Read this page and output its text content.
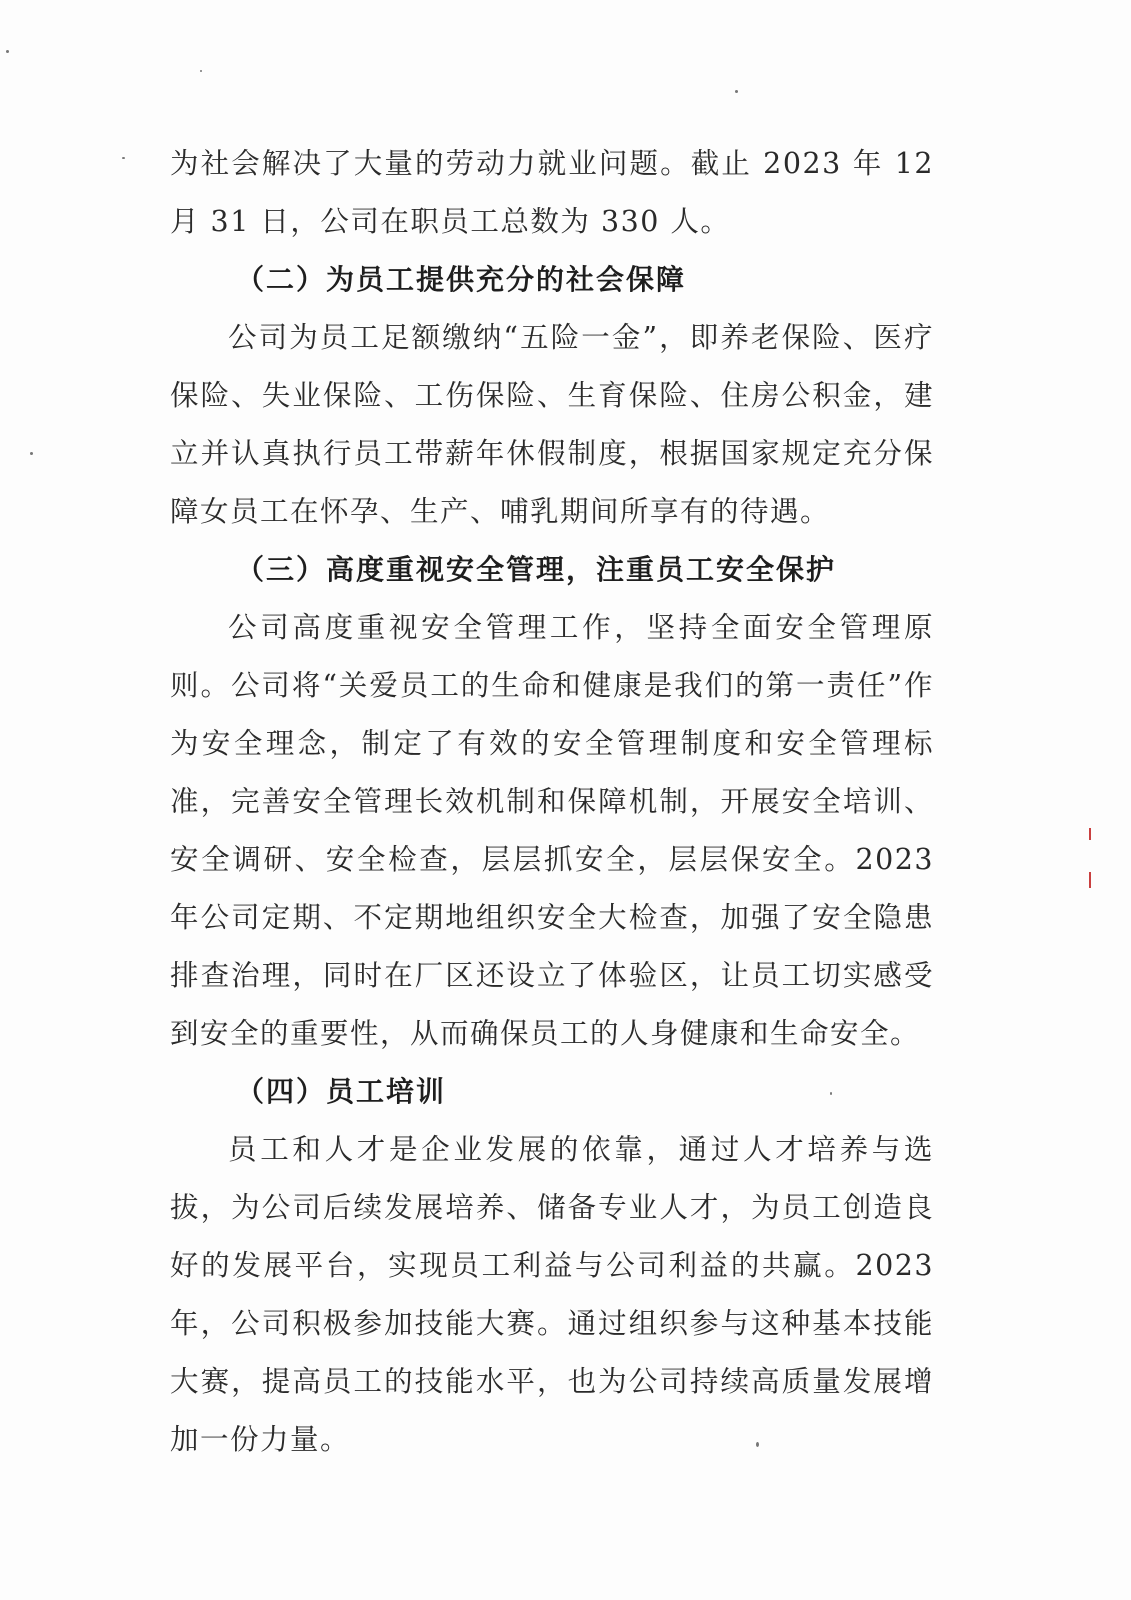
为社会解决了大量的劳动力就业问题。截止 2023 年 12 月 31 日，公司在职员工总数为 330 人。

（二）为员工提供充分的社会保障

公司为员工足额缴纳“五险一金”，即养老保险、医疗保险、失业保险、工伤保险、生育保险、住房公积金，建立并认真执行员工带薪年休假制度，根据国家规定充分保障女员工在怀孕、生产、哺乳期间所享有的待遇。

（三）高度重视安全管理，注重员工安全保护

公司高度重视安全管理工作，坚持全面安全管理原则。公司将“关爱员工的生命和健康是我们的第一责任”作为安全理念，制定了有效的安全管理制度和安全管理标准，完善安全管理长效机制和保障机制，开展安全培训、安全调研、安全检查，层层抓安全，层层保安全。2023 年公司定期、不定期地组织安全大检查，加强了安全隐患排查治理，同时在厂区还设立了体验区，让员工切实感受到安全的重要性，从而确保员工的人身健康和生命安全。

（四）员工培训

员工和人才是企业发展的依靠，通过人才培养与选拔，为公司后续发展培养、储备专业人才，为员工创造良好的发展平台，实现员工利益与公司利益的共赢。2023 年，公司积极参加技能大赛。通过组织参与这种基本技能大赛，提高员工的技能水平，也为公司持续高质量发展增加一份力量。
